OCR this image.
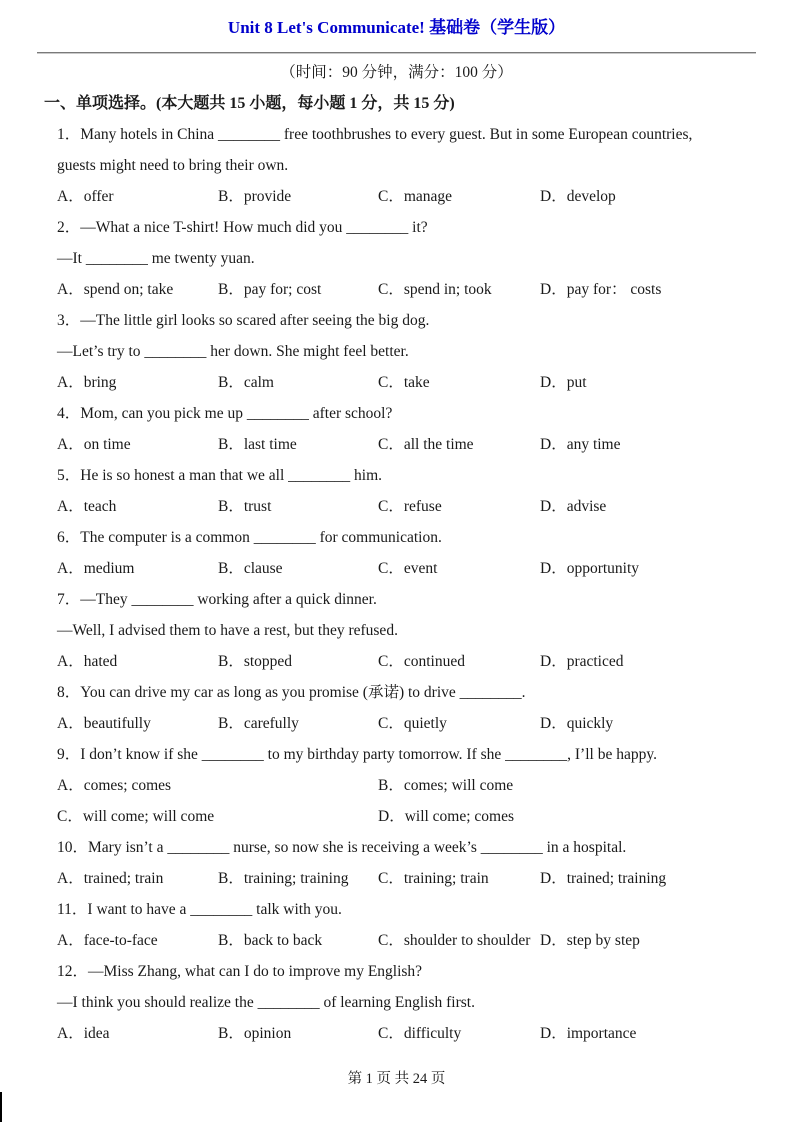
Unit 8 Let's Communicate! 基础卷（学生版）
（时间：90 分钟，满分：100 分）
一、单项选择。(本大题共 15 小题，每小题 1 分，共 15 分)
1．Many hotels in China ________ free toothbrushes to every guest. But in some European countries,
guests might need to bring their own.
A．offer	B．provide	C．manage	D．develop
2．—What a nice T-shirt! How much did you ________ it?
—It ________ me twenty yuan.
A．spend on; take	B．pay for; cost	C．spend in; took	D．pay for： costs
3．—The little girl looks so scared after seeing the big dog.
—Let’s try to ________ her down. She might feel better.
A．bring	B．calm	C．take	D．put
4．Mom, can you pick me up ________ after school?
A．on time	B．last time	C．all the time	D．any time
5．He is so honest a man that we all ________ him.
A．teach	B．trust	C．refuse	D．advise
6．The computer is a common ________ for communication.
A．medium	B．clause	C．event	D．opportunity
7．—They ________ working after a quick dinner.
—Well, I advised them to have a rest, but they refused.
A．hated	B．stopped	C．continued	D．practiced
8．You can drive my car as long as you promise (承诺) to drive ________.
A．beautifully	B．carefully	C．quietly	D．quickly
9．I don’t know if she ________ to my birthday party tomorrow. If she ________, I’ll be happy.
A．comes; comes	B．comes; will come
C．will come; will come	D．will come; comes
10．Mary isn’t a ________ nurse, so now she is receiving a week’s ________ in a hospital.
A．trained; train	B．training; training	C．training; train	D．trained; training
11．I want to have a ________ talk with you.
A．face-to-face	B．back to back	C．shoulder to shoulder D．step by step
12．—Miss Zhang, what can I do to improve my English?
—I think you should realize the ________ of learning English first.
A．idea	B．opinion	C．difficulty	D．importance
第 1 页 共 24 页
